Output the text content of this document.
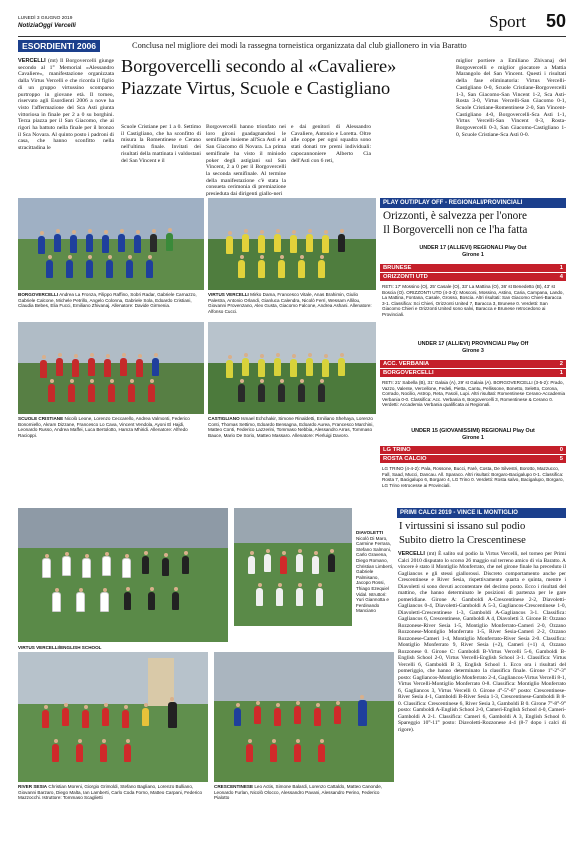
LUNEDÌ 3 GIUGNO 2019
NotiziaOggi Vercelli	Sport 50
ESORDIENTI 2006	Conclusa nel migliore dei modi la rassegna torneistica organizzata dal club giallonero in via Baratto
VERCELLI (mt) Il Borgovercelli giunge secondo al 1° Memorial «Alessandro Cavaliere», manifestazione organizzata dalla Virtus Vercelli e che ricorda il figlio di un gruppo virtussino scomparso purtroppo in giovane età. Il torneo, riservato agli Esordienti 2006 a nove ha visto l'affermazione del Sca Asti giunta vittoriosa in finale per 2 a 0 su borghini. Terza piazza per il San Giacomo, che ai rigori ha battuto nella finale per il bronzo il Sca Novara. Al quinto posto i padroni di casa, che hanno sconfitto nella stracittadina le
Borgovercelli secondo al «Cavaliere»
Piazzate Virtus, Scuole e Castigliano
Scuole Cristiane per 1 a 0. Settimo il Castigliano, che ha sconfitto di misura la Romentinese e Cerano nell'ultima finale. Invitati dei risultati della mattinata i valdostani del San Vincent e il
Borgovercelli hanno trionfato nei loro gironi guadagnandosi le semifinale insieme all'Sca Asti e al San Giacomo di Novara. La prima semifinale ha visto il miniodo poker degli astigiani sul San Vincent, 2 a 0 per il Borgovercelli la seconda semifinale. Al termine della manifestazione c'è stata la consueta cerimonia di premiazione presieduta dai dirigenti giallo-neri
e dai genitori di Alessandro Cavaliere, Antonio e Loretta. Oltre alle coppe per ogni squadra sono stati donati tre premi individuali: capocannoniere Alberto Cia dell'Asti con 6 reti,
miglior portiere a Emiliano Zhivanaj del Borgovercelli e miglior giocatore a Mattia Marangolo del San Vincent. Questi i risultati della fase eliminatoria: Virtus Vercelli-Castigliano 0-0, Scuole Cristiane-Borgovercelli 1-3, San Giacomo-San Vincent 1-2, Sca Asti-Rosta 3-0, Virtus Vercelli-San Giacomo 0-1, Scuole Cristiane-Romentinese 2-0, San Vincent-Castigliano 4-0, Borgovercelli-Sca Asti 1-1, Virtus Vercelli-San Vincent 0-3, Rosta-Borgovercelli 0-3, San Giacomo-Castigliano 1-0, Scuole Cristiane-Sca Asti 0-0.
BORGOVERCELLI Andrea La Fronza, Filippo Raffino, Sobri Radar, Gabriele Carnazzo, Gabriele Calcone, Michele Petrillo, Angelo Colonna, Gabriele Sola, Edoardo Cristiani, Claudia Bebes, Elia Fucci, Emiliano Zhivanaj. Allenatore: Davide Girmenia.
VIRTUS VERCELLI Mirko Dama, Francesco Vitale, Anas Brahimin, Giulio Palestra, Antonio Orlandi, Gianluca Calendra, Nicolò Ferri, Wessam Allilou, Giovanni Provenzano, Alex Gusta, Giacomo Falcone, Andrea Ashani. Allenatore: Alfonso Cucci.
SCUOLE CRISTIANE Nicolò Leone, Lorenzo Ceccarello, Andrea Valmonti, Federico Bonomiello, Akram Dizzane, Francesco Lo Cava, Vincent Vendola, Ayoni El Hajdi, Leonardo Russo, Andrea Maffei, Luca Bertolotto, Hamza Mhiridi. Allenatore: Alfredo Racioppi.
CASTIGLIANO Ismael Echchakir, Simone Rinaldetti, Emiliano Shehaya, Lorenzo Conti, Thomas Settimo, Edoardo Bensagna, Edoardo Aurea, Francesco Marchini, Matteo Conti, Federico Lazzerini, Tommaso Nebbia, Alessandro Arras, Tommaso Bauce, Mario De Sorio, Matteo Massaro. Allenatore: Pierluigi Davoro.
VIRTUS VERCELLI/ENGLISH SCHOOL
DIAVOLETTI
Nicolò Di Maro, Carmine Ferrara, Stefano Salmoni, Carlo Gravena, Diego Romano, Christian Limberti, Gabriele Palmisano, Jacopo Rossi, Thiago Ezequiel Vidal. Istruttori: Yuri Giannotta e Ferdinando Manciano
RIVER SESIA Christian Moreni, Giorgio Grimoldi, Stefano Bagliano, Lorenzo Bulliano, Giovanni Barzaro, Diego Malta, Ian Lamberti, Carlo Coda Forno, Matteo Carpani, Federico Mazzocchi. Istruttore: Tommaso Scaglietti
CRESCENTINESE Leo Actis, Simone Balardi, Lorenzo Cattaldo, Matteo Canonde, Leonardo Furlan, Nicolò Olocco, Alessandro Pavani, Alessandro Perino, Federico Pialotto
PLAY OUT/PLAY OFF - REGIONALI/PROVINCIALI
Orizzonti, è salvezza per l'onore
Il Borgovercelli non ce l'ha fatta
UNDER 17 (ALLIEVI) REGIONALI Play Out
Girone 1
BRUNESE	1
ORIZZONTI UTD	4
RETI: 17' Mossino (O), 25' Casale (O), 33' La Mattina (O), 36' st Benedetto (B), 43' st Boscia (O). ORIZZONTI UTD (4-3-3): Mosconi, Mossino, Astino, Caria, Campana, Lando, La Mattina, Fontana, Casale, Grosso, Boscia. Altri risultati: San Giacomo Chieri-Baracca 3-1. Classifica: Sci Chieri, Orizzonti United 7, Baracca 3, Brunese 0. Verdetti: San Giacomo Chieri e Orizzonti United sono salvi, Baracca e Brunese retrocedono ai Provinciali.
UNDER 17 (ALLIEVI) PROVINCIALI Play Off
Girone 3
ACC. VERBANIA	2
BORGOVERCELLI	1
RETI: 21' Sabella (B), 31' Galaia (A), 29' st Galaia (A). BORGOVERCELLI (3-5-2): Prado, Vazzo, Valente, Vercellone, Fedeli, Pietta, Cantu, Pellissone, Bonetto, Seletto, Corona, Corrado, Nocilio, Astrop, Reta, Fasoli, Lupi. Altri risultati: Romentinese Cerano-Accademia Verbania 0-0. Classifica: Acc. Verbania 6, Borgovercelli 3, Romentinese & Cerano 0. Verdetti: Accademia Verbania qualificata ai Regionali.
UNDER 15 (GIOVANISSIMI) REGIONALI Play Out
Girone 1
LG TRINO	0
ROSTA CALCIO	5
LG TRINO (4-4-2): Pala, Rossone, Bucci, Farè, Costa, De Silvestri, Borotto, Mazzucco, Fall, Saad, Mucci, Dancau. All. Sparaco. Altri risultati: Borgaro-Bacigalupo 0-1. Classifica: Rosta 7, Bacigalupo 6, Borgaro 4, LG Trino 0. Verdetti: Rosta salvo, Bacigalupo, Borgaro, LG Trino retrocesse ai Provinciali.
PRIMI CALCI 2019 - VINCE IL MONTIGLIO
I virtussini si issano sul podio
Subito dietro la Crescentinese
VERCELLI (mt) È salito sul podio la Virtus Vercelli, nel torneo per Primi Calci 2010 disputato lo scorso 26 maggio sul terreno amico di via Baratto. A vincere è stato il Montiglio Monferrato, che nel girone finale ha preceduto il Gagliancos e gli stessi giallorossi. Discreto comportamento anche per Crescentinese e River Sesia, rispettivamente quarta e quinta, mentre i Diavoletti si sono dovuti accontentare del decimo posto. Ecco i risultati del mattino, che hanno determinato le posizioni di partenza per le gare pomeridiane. Girone A: Gamboldi A-Crescentinese 2-2, Diavoletti-Gagliancos 0-4, Diavoletti-Gamboldi A 5-3, Gagliancos-Crescentinese 1-0, Diavoletti-Crescentinese 1-3, Gamboldi A-Gagliancos 3-1. Classifica: Gagliancos 6, Crescentinese, Gamboldi A 4, Diavoletti 3. Girone B: Ozzano Rozzonese-River Sesia 1-5, Montiglio Monferrato-Cameri 2-0, Ozzano Rozzonese-Montiglio Monferrato 1-5, River Sesia-Cameri 2-2, Ozzano Rozzonese-Cameri 1-4, Montiglio Monferrato-River Sesia 2-0. Classifica: Montiglio Monferrato 9, River Sesia (+2), Cameri (+1) 4, Ozzano Rozzonese 0. Girone C: Gamboldi B-Virtus Vercelli 5-6, Gamboldi B-English School 2-0, Virtus Vercelli-English School 3-1. Classifica: Virtus Vercelli 6, Gamboldi B 3, English School 1. Ecco ora i risultati del pomeriggio, che hanno determinato la classifica finale. Girone 1°-2°-3° posto: Gagliancos-Montiglio Monferrato 2-4, Gagliancos-Virtus Vercelli 8-1, Virtus Vercelli-Montiglio Monferrato 0-8. Classifica: Montiglio Monferrato 6, Gagliancos 3, Virtus Vercelli 0. Girone 4°-5°-6° posto: Crescentinese-River Sesia 4-1, Gamboldi B-River Sesia 1-3, Crescentinese-Gamboldi B 8-0. Classifica: Crescentinese 6, River Sesia 3, Gamboldi B 0. Girone 7°-8°-9° posto: Gamboldi A-English School 2-0, Cameri-English School 4-0, Cameri-Gamboldi A 2-1. Classifica: Cameri 6, Gamboldi A 3, English School 0. Spareggio 10°-11° posto: Diavoletti-Rozzonese 4-4 (8-7 dopo i calci di rigore).
